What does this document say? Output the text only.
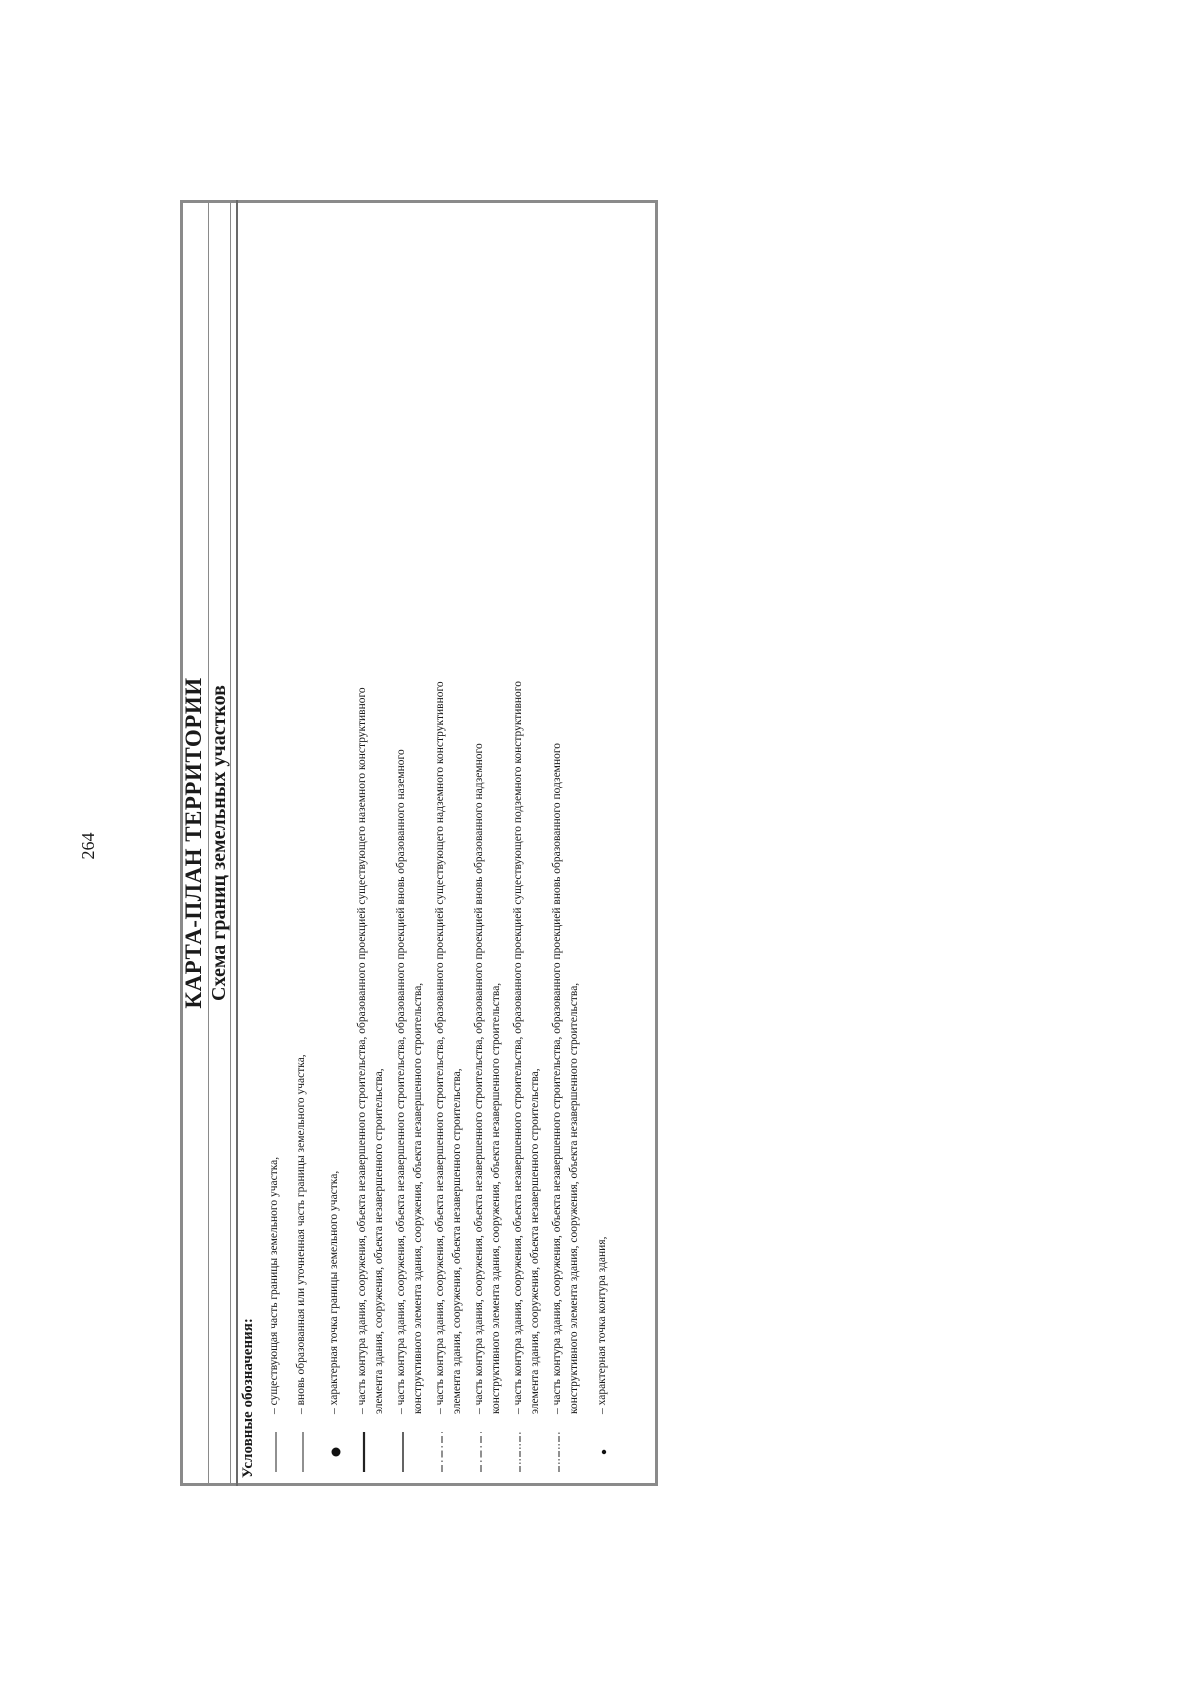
264	КАРТА-ПЛАН ТЕРРИТОРИИ Схема границ земельных участков
Условные обозначения: – существующая часть границы земельного участка, – вновь образованная или уточненная часть границы земельного участка, – характерная точка границы земельного участка, – часть контура здания, сооружения, объекта незавершенного строительства, образованного проекцией существующего наземного конструктивного элемента здания, сооружения, объекта незавершенного строительства, – часть контура здания, сооружения, объекта незавершенного строительства, образованного проекцией вновь образованного наземного конструктивного элемента здания, сооружения, объекта незавершенного строительства, – часть контура здания, сооружения, объекта незавершенного строительства, образованного проекцией существующего надземного конструктивного элемента здания, сооружения, объекта незавершенного строительства, – часть контура здания, сооружения, объекта незавершенного строительства, образованного проекцией вновь образованного надземного конструктивного элемента здания, сооружения, объекта незавершенного строительства, – часть контура здания, сооружения, объекта незавершенного строительства, образованного проекцией существующего подземного конструктивного элемента здания, сооружения, объекта незавершенного строительства, – часть контура здания, сооружения, объекта незавершенного строительства, образованного проекцией вновь образованного подземного конструктивного элемента здания, сооружения, объекта незавершенного строительства, – характерная точка контура здания,
